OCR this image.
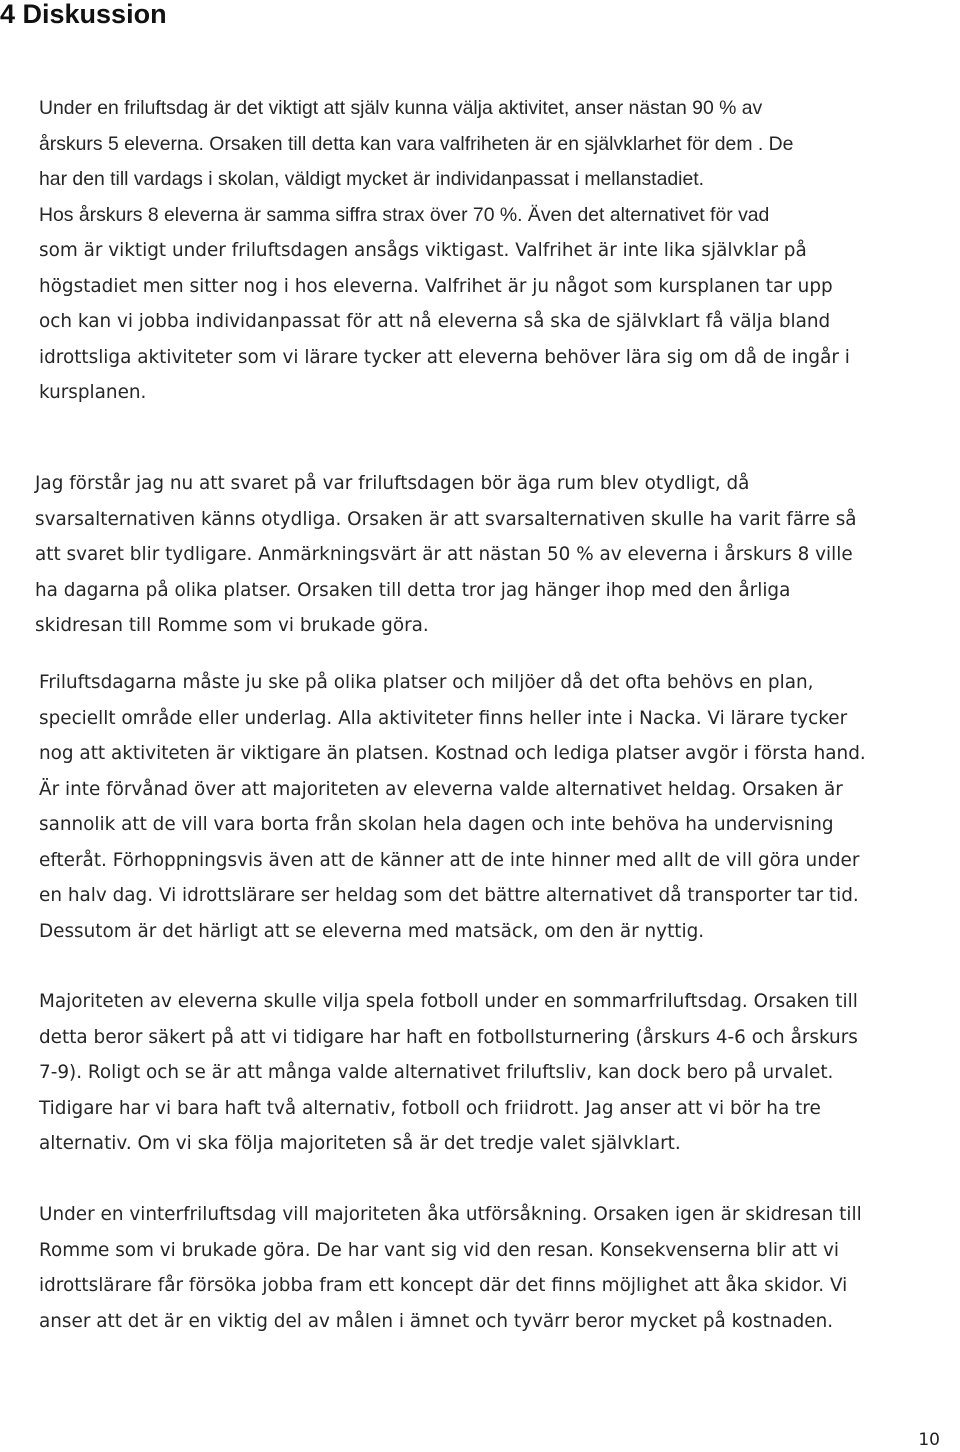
4 Diskussion
Under en friluftsdag är det viktigt att själv kunna välja aktivitet, anser nästan 90 % av
årskurs 5 eleverna. Orsaken till detta kan vara valfriheten är en självklarhet för dem . De
har den till vardags i skolan, väldigt mycket är individanpassat i mellanstadiet.
Hos årskurs 8 eleverna är samma siffra strax över 70 %. Även det alternativet för vad
som är viktigt under friluftsdagen ansågs viktigast. Valfrihet är inte lika självklar på
högstadiet men sitter nog i hos eleverna. Valfrihet är ju något som kursplanen tar upp
och kan vi jobba individanpassat för att nå eleverna så ska de självklart få välja bland
idrottsliga aktiviteter som vi lärare tycker att eleverna behöver lära sig om då de ingår i
kursplanen.
Jag förstår jag nu att svaret på var friluftsdagen bör äga rum blev otydligt, då
svarsalternativen känns otydliga. Orsaken är att svarsalternativen skulle ha varit färre så
att svaret blir tydligare. Anmärkningsvärt är att nästan 50 % av eleverna i årskurs 8 ville
ha dagarna på olika platser. Orsaken till detta tror jag hänger ihop med den årliga
skidresan till Romme som vi brukade göra.
Friluftsdagarna måste ju ske på olika platser och miljöer då det ofta behövs en plan,
speciellt område eller underlag. Alla aktiviteter finns heller inte i Nacka. Vi lärare tycker
nog att aktiviteten är viktigare än platsen. Kostnad och lediga platser avgör i första hand.
Är inte förvånad över att majoriteten av eleverna valde alternativet heldag. Orsaken är
sannolik att de vill vara borta från skolan hela dagen och inte behöva ha undervisning
efteråt. Förhoppningsvis även att de känner att de inte hinner med allt de vill göra under
en halv dag. Vi idrottslärare ser heldag som det bättre alternativet då transporter tar tid.
Dessutom är det härligt att se eleverna med matsäck, om den är nyttig.
Majoriteten av eleverna skulle vilja spela fotboll under en sommarfriluftsdag. Orsaken till
detta beror säkert på att vi tidigare har haft en fotbollsturnering (årskurs 4-6 och årskurs
7-9). Roligt och se är att många valde alternativet friluftsliv, kan dock bero på urvalet.
Tidigare har vi bara haft två alternativ, fotboll och friidrott. Jag anser att vi bör ha tre
alternativ. Om vi ska följa majoriteten så är det tredje valet självklart.
Under en vinterfriluftsdag vill majoriteten åka utförsåkning. Orsaken igen är skidresan till
Romme som vi brukade göra. De har vant sig vid den resan. Konsekvenserna blir att vi
idrottslärare får försöka jobba fram ett koncept där det finns möjlighet att åka skidor. Vi
anser att det är en viktig del av målen i ämnet och tyvärr beror mycket på kostnaden.
10
